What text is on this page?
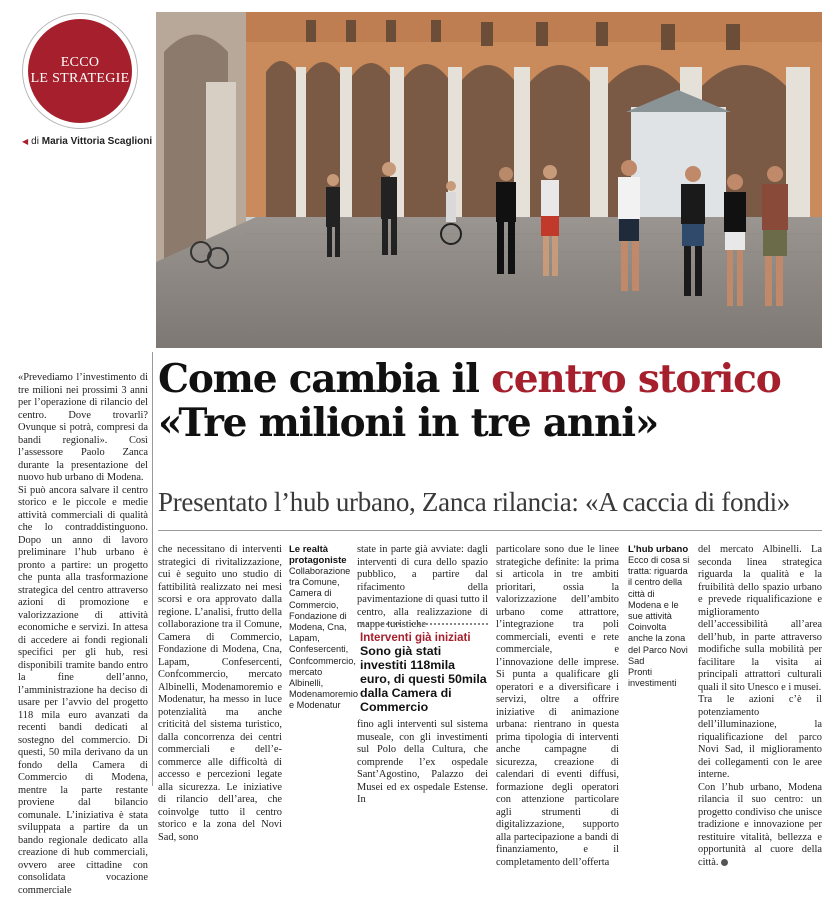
ECCO
LE STRATEGIE
◀ di Maria Vittoria Scaglioni
«Prevediamo l’investimento di tre milioni nei prossimi 3 anni per l’operazione di rilancio del centro. Dove trovarli? Ovunque si potrà, compresi da bandi regionali». Così l’assessore Paolo Zanca durante la presentazione del nuovo hub urbano di Modena.
Si può ancora salvare il centro storico e le piccole e medie attività commerciali di qualità che lo contraddistinguono. Dopo un anno di lavoro preliminare l’hub urbano è pronto a partire: un progetto che punta alla trasformazione strategica del centro attraverso azioni di promozione e valorizzazione di attività economiche e servizi. In attesa di accedere ai fondi regionali specifici per gli hub, resi disponibili tramite bando entro la fine dell’anno, l’amministrazione ha deciso di usare per l’avvio del progetto 118 mila euro avanzati da recenti bandi dedicati al sostegno del commercio. Di questi, 50 mila derivano da un fondo della Camera di Commercio di Modena, mentre la parte restante proviene dal bilancio comunale. L’iniziativa è stata sviluppata a partire da un bando regionale dedicato alla creazione di hub commerciali, ovvero aree cittadine con consolidata vocazione commerciale
Come cambia il centro storico
«Tre milioni in tre anni»
Presentato l’hub urbano, Zanca rilancia: «A caccia di fondi»
che necessitano di interventi strategici di rivitalizzazione, cui è seguito uno studio di fattibilità realizzato nei mesi scorsi e ora approvato dalla regione. L’analisi, frutto della collaborazione tra il Comune, Camera di Commercio, Fondazione di Modena, Cna, Lapam, Confesercenti, Confcommercio, mercato Albinelli, Modenamoremio e Modenatur, ha messo in luce potenzialità ma anche criticità del sistema turistico, dalla concorrenza dei centri commerciali e dell’e-commerce alle difficoltà di accesso e percezioni legate alla sicurezza. Le iniziative di rilancio dell’area, che coinvolge tutto il centro storico e la zona del Novi Sad, sono
Le realtà protagoniste
Collaborazione tra Comune, Camera di Commercio, Fondazione di Modena, Cna, Lapam, Confesercenti, Confcommercio, mercato Albinelli, Modenamoremio e Modenatur
state in parte già avviate: dagli interventi di cura dello spazio pubblico, a partire dal rifacimento della pavimentazione di quasi tutto il centro, alla realizzazione di mappe turistiche
Interventi già iniziati
Sono già stati investiti 118mila euro, di questi 50mila dalla Camera di Commercio
fino agli interventi sul sistema museale, con gli investimenti sul Polo della Cultura, che comprende l’ex ospedale Sant’Agostino, Palazzo dei Musei ed ex ospedale Estense. In
particolare sono due le linee strategiche definite: la prima si articola in tre ambiti prioritari, ossia la valorizzazione dell’ambito urbano come attrattore, l’integrazione tra poli commerciali, eventi e rete commerciale, e l’innovazione delle imprese. Si punta a qualificare gli operatori e a diversificare i servizi, oltre a offrire iniziative di animazione urbana: rientrano in questa prima tipologia di interventi anche campagne di sicurezza, creazione di calendari di eventi diffusi, formazione degli operatori con attenzione particolare agli strumenti di digitalizzazione, supporto alla partecipazione a bandi di finanziamento, e il completamento dell’offerta
L’hub urbano
Ecco di cosa si tratta: riguarda il centro della città di Modena e le sue attività
Coinvolta anche la zona del Parco Novi Sad
Pronti investimenti
del mercato Albinelli. La seconda linea strategica riguarda la qualità e la fruibilità dello spazio urbano e prevede riqualificazione e miglioramento dell’accessibilità all’area dell’hub, in parte attraverso modifiche sulla mobilità per facilitare la visita ai principali attrattori culturali quali il sito Unesco e i musei.
Tra le azioni c’è il potenziamento dell’illuminazione, la riqualificazione del parco Novi Sad, il miglioramento dei collegamenti con le aree interne.
Con l’hub urbano, Modena rilancia il suo centro: un progetto condiviso che unisce tradizione e innovazione per restituire vitalità, bellezza e opportunità al cuore della città.
